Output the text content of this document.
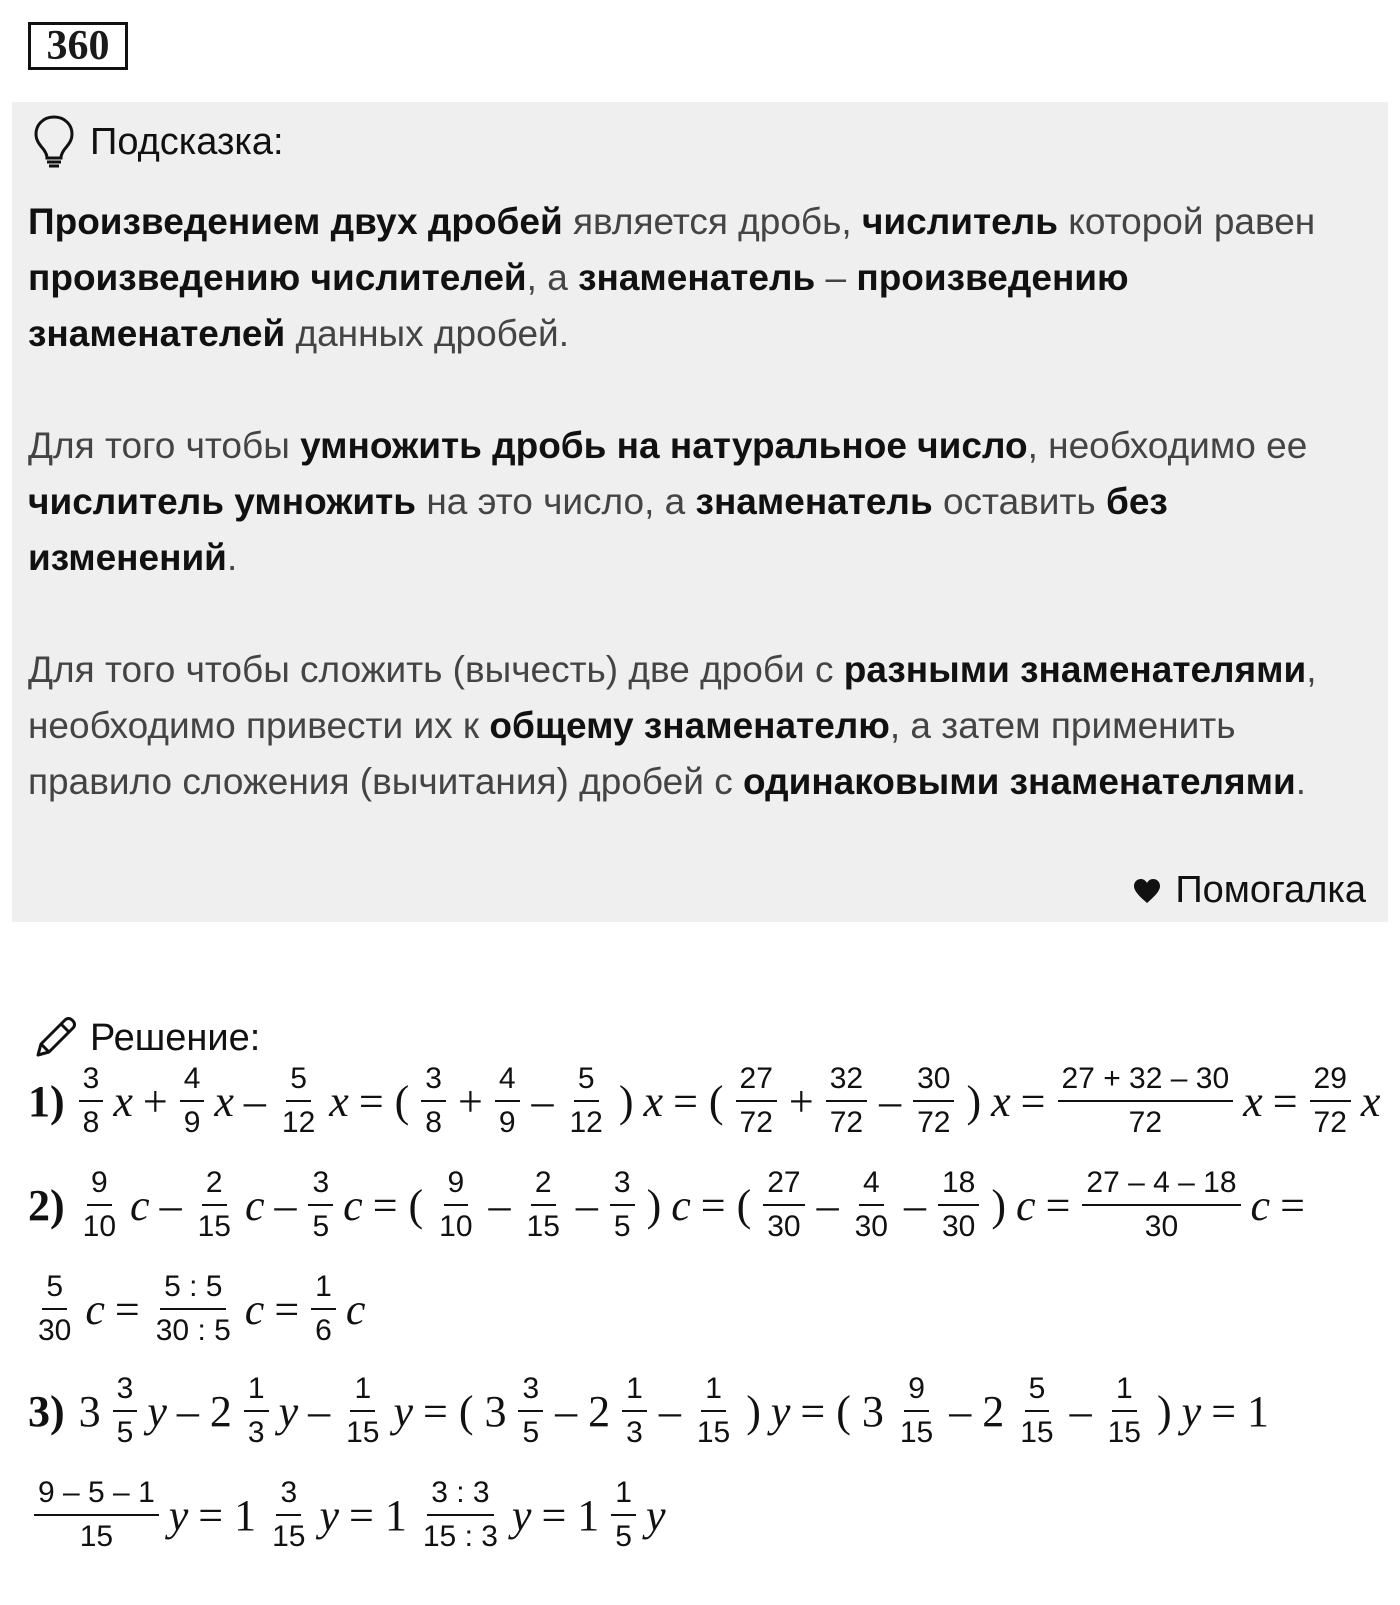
360
Подсказка:
Произведением двух дробей является дробь, числитель которой равен произведению числителей, а знаменатель – произведению знаменателей данных дробей.
Для того чтобы умножить дробь на натуральное число, необходимо ее числитель умножить на это число, а знаменатель оставить без изменений.
Для того чтобы сложить (вычесть) две дроби с разными знаменателями, необходимо привести их к общему знаменателю, а затем применить правило сложения (вычитания) дробей с одинаковыми знаменателями.
Помогалка
Решение:
$1) \frac{3}{8}$ $x + \frac{4}{9}$ x – $\frac{5}{12}$ x = ( $\frac{3}{8} + \frac{4}{9} - \frac{5}{12}$ ) x = ( $\frac{27}{72} + \frac{32}{72} - \frac{30}{72}$ ) $x = \frac{27 + 32 - 30}{72}$ $x = \frac{29}{72}$ x
$2) \frac{9}{10}$ c – $\frac{2}{15}$ c – $\frac{3}{5}$ c = ( $\frac{9}{10} - \frac{2}{15} - \frac{3}{5}$ ) c = ( $\frac{27}{30} - \frac{4}{30} - \frac{18}{30}$ ) $c = \frac{27 - 4 - 18}{30}$ c =
$\frac{5}{30}$ $c = \frac{5 : 5}{30 : 5}$ $c = \frac{1}{6}$ c
3) $3 \frac{3}{5}$ y – $2 \frac{1}{3}$ y – $\frac{1}{15}$ y = ( $3 \frac{3}{5} - 2 \frac{1}{3} - \frac{1}{15}$ ) y = ( $3 \frac{9}{15} - 2 \frac{5}{15} - \frac{1}{15}$ ) y = 1
$\frac{9 - 5 - 1}{15}$ $y = 1 \frac{3}{15}$ $y = 1 \frac{3 : 3}{15 : 3}$ $y = 1 \frac{1}{5}$ y
